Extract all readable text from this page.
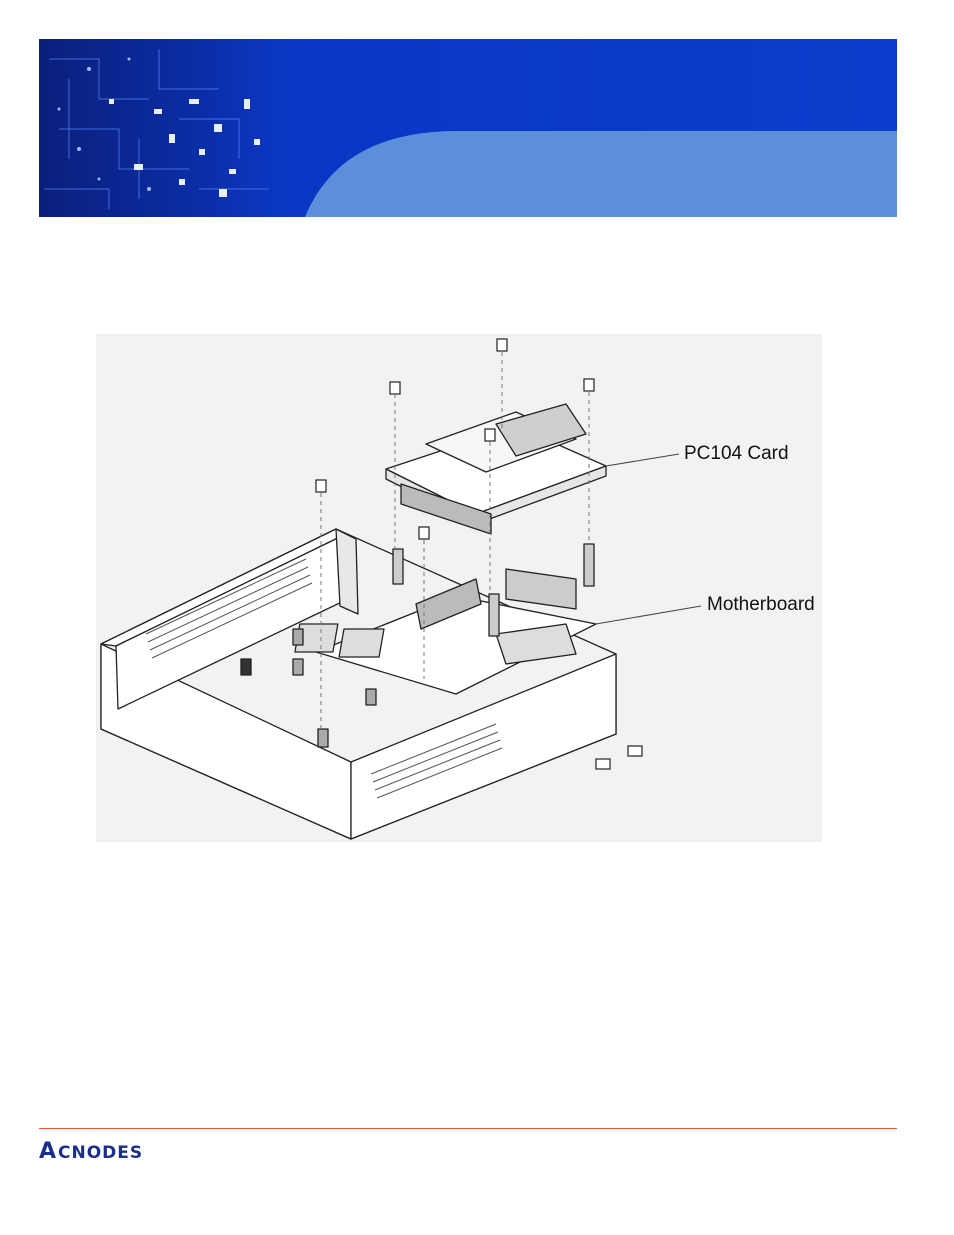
PC104 Card
Motherboard
A CNODES
